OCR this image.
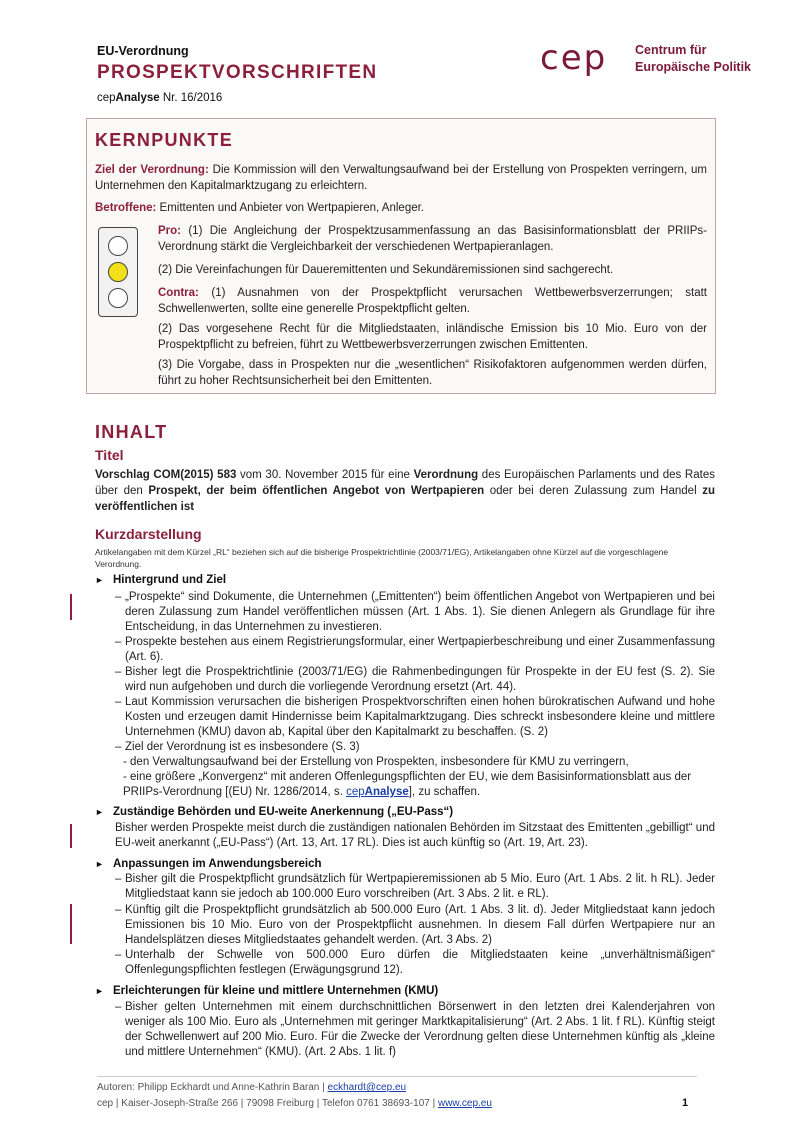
EU-Verordnung
PROSPEKTVORSCHRIFTEN
cepAnalyse Nr. 16/2016
cep Centrum für
Europäische Politik
KERNPUNKTE
Ziel der Verordnung: Die Kommission will den Verwaltungsaufwand bei der Erstellung von Prospekten verringern, um Unternehmen den Kapitalmarktzugang zu erleichtern.
Betroffene: Emittenten und Anbieter von Wertpapieren, Anleger.
Pro: (1) Die Angleichung der Prospektzusammenfassung an das Basisinformationsblatt der PRIIPs-Verordnung stärkt die Vergleichbarkeit der verschiedenen Wertpapieranlagen.
(2) Die Vereinfachungen für Daueremittenten und Sekundäremissionen sind sachgerecht.
Contra: (1) Ausnahmen von der Prospektpflicht verursachen Wettbewerbsverzerrungen; statt Schwellenwerten, sollte eine generelle Prospektpflicht gelten.
(2) Das vorgesehene Recht für die Mitgliedstaaten, inländische Emission bis 10 Mio. Euro von der Prospektpflicht zu befreien, führt zu Wettbewerbsverzerrungen zwischen Emittenten.
(3) Die Vorgabe, dass in Prospekten nur die „wesentlichen“ Risikofaktoren aufgenommen werden dürfen, führt zu hoher Rechtsunsicherheit bei den Emittenten.
INHALT
Titel
Vorschlag COM(2015) 583 vom 30. November 2015 für eine Verordnung des Europäischen Parlaments und des Rates über den Prospekt, der beim öffentlichen Angebot von Wertpapieren oder bei deren Zulassung zum Handel zu veröffentlichen ist
Kurzdarstellung
Artikelangaben mit dem Kürzel „RL“ beziehen sich auf die bisherige Prospektrichtlinie (2003/71/EG), Artikelangaben ohne Kürzel auf die vorgeschlagene Verordnung.
► Hintergrund und Ziel
– „Prospekte“ sind Dokumente, die Unternehmen („Emittenten“) beim öffentlichen Angebot von Wertpapieren und bei deren Zulassung zum Handel veröffentlichen müssen (Art. 1 Abs. 1). Sie dienen Anlegern als Grundlage für ihre Entscheidung, in das Unternehmen zu investieren.
– Prospekte bestehen aus einem Registrierungsformular, einer Wertpapierbeschreibung und einer Zusammenfassung (Art. 6).
– Bisher legt die Prospektrichtlinie (2003/71/EG) die Rahmenbedingungen für Prospekte in der EU fest (S. 2). Sie wird nun aufgehoben und durch die vorliegende Verordnung ersetzt (Art. 44).
– Laut Kommission verursachen die bisherigen Prospektvorschriften einen hohen bürokratischen Aufwand und hohe Kosten und erzeugen damit Hindernisse beim Kapitalmarktzugang. Dies schreckt insbesondere kleine und mittlere Unternehmen (KMU) davon ab, Kapital über den Kapitalmarkt zu beschaffen. (S. 2)
– Ziel der Verordnung ist es insbesondere (S. 3)
- den Verwaltungsaufwand bei der Erstellung von Prospekten, insbesondere für KMU zu verringern,
- eine größere „Konvergenz“ mit anderen Offenlegungspflichten der EU, wie dem Basisinformationsblatt aus der PRIIPs-Verordnung [(EU) Nr. 1286/2014, s. cepAnalyse], zu schaffen.
► Zuständige Behörden und EU-weite Anerkennung („EU-Pass“)
Bisher werden Prospekte meist durch die zuständigen nationalen Behörden im Sitzstaat des Emittenten „gebilligt“ und EU-weit anerkannt („EU-Pass“) (Art. 13, Art. 17 RL). Dies ist auch künftig so (Art. 19, Art. 23).
► Anpassungen im Anwendungsbereich
– Bisher gilt die Prospektpflicht grundsätzlich für Wertpapieremissionen ab 5 Mio. Euro (Art. 1 Abs. 2 lit. h RL). Jeder Mitgliedstaat kann sie jedoch ab 100.000 Euro vorschreiben (Art. 3 Abs. 2 lit. e RL).
– Künftig gilt die Prospektpflicht grundsätzlich ab 500.000 Euro (Art. 1 Abs. 3 lit. d). Jeder Mitgliedstaat kann jedoch Emissionen bis 10 Mio. Euro von der Prospektpflicht ausnehmen. In diesem Fall dürfen Wertpapiere nur an Handelsplätzen dieses Mitgliedstaates gehandelt werden. (Art. 3 Abs. 2)
– Unterhalb der Schwelle von 500.000 Euro dürfen die Mitgliedstaaten keine „unverhältnismäßigen“ Offenlegungspflichten festlegen (Erwägungsgrund 12).
► Erleichterungen für kleine und mittlere Unternehmen (KMU)
– Bisher gelten Unternehmen mit einem durchschnittlichen Börsenwert in den letzten drei Kalenderjahren von weniger als 100 Mio. Euro als „Unternehmen mit geringer Marktkapitalisierung“ (Art. 2 Abs. 1 lit. f RL). Künftig steigt der Schwellenwert auf 200 Mio. Euro. Für die Zwecke der Verordnung gelten diese Unternehmen künftig als „kleine und mittlere Unternehmen“ (KMU). (Art. 2 Abs. 1 lit. f)
Autoren: Philipp Eckhardt und Anne-Kathrin Baran | eckhardt@cep.eu
cep | Kaiser-Joseph-Straße 266 | 79098 Freiburg | Telefon 0761 38693-107 | www.cep.eu	1
